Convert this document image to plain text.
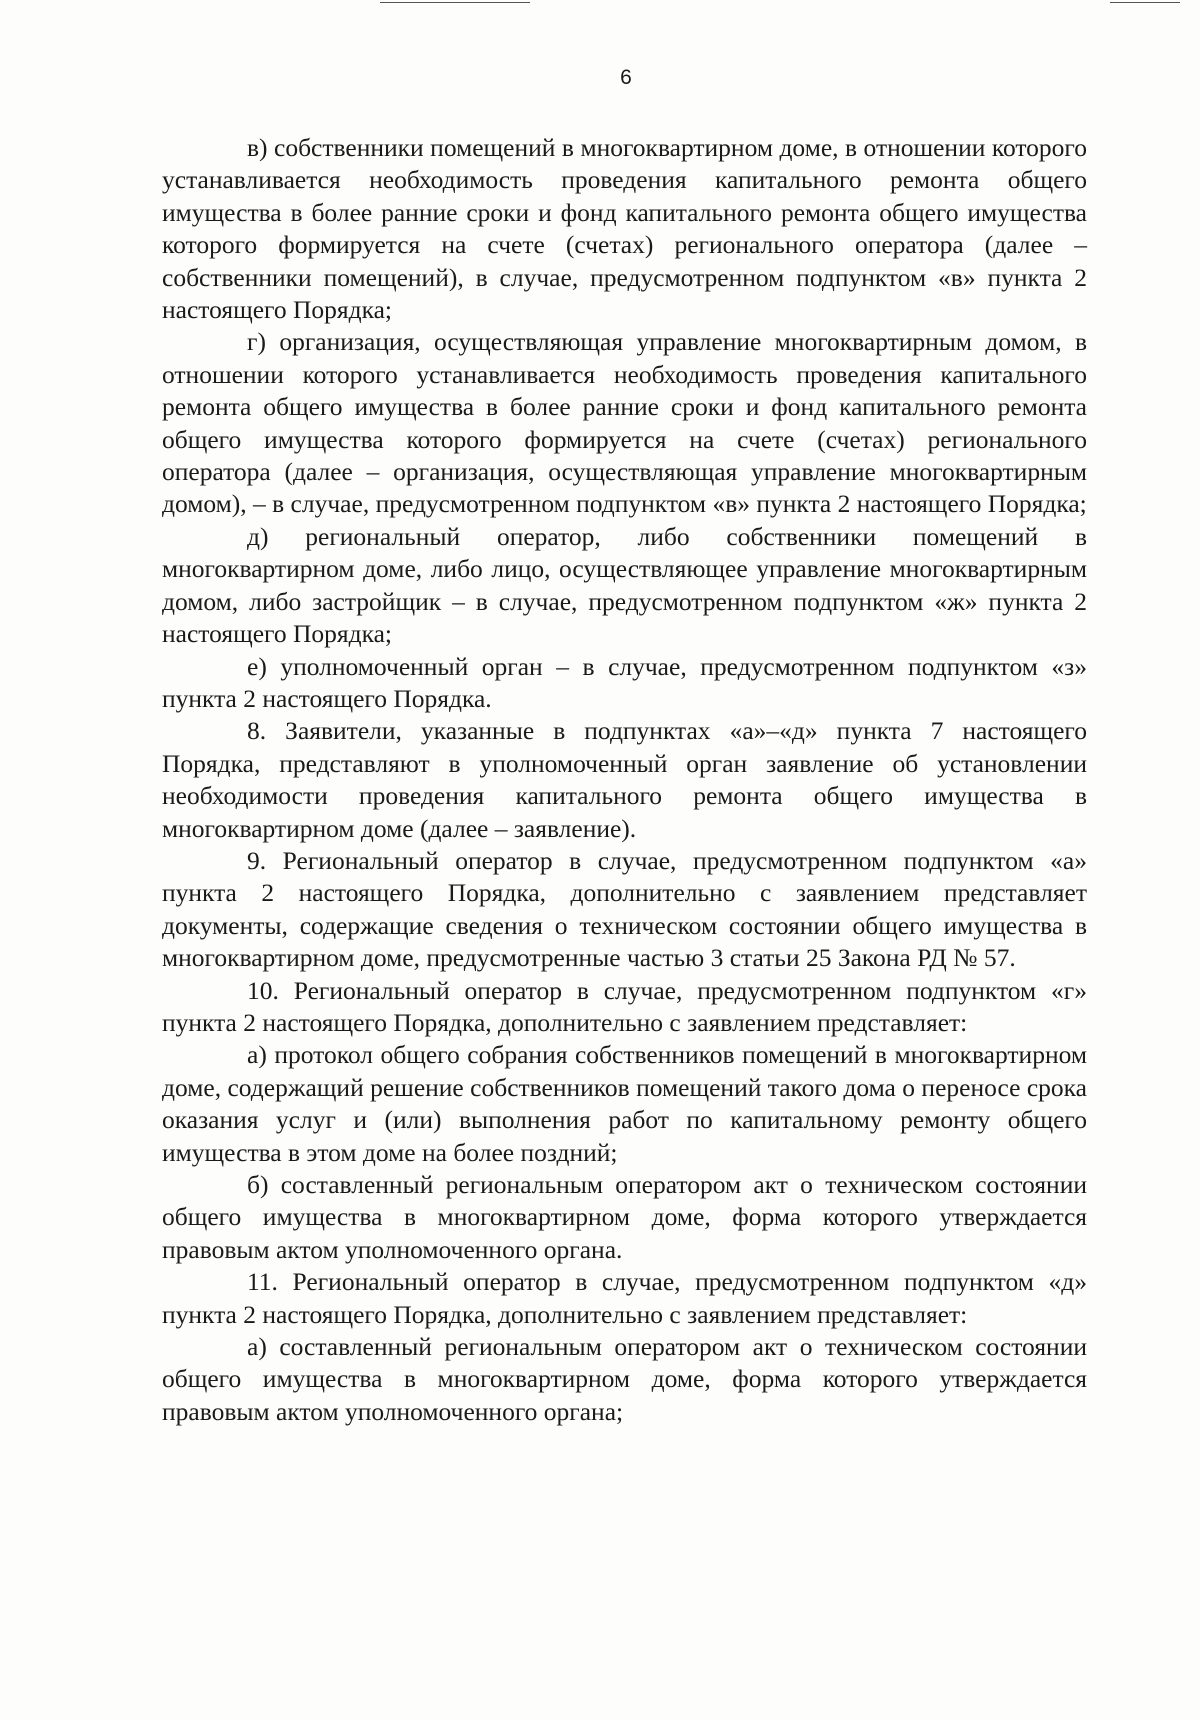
6

в) собственники помещений в многоквартирном доме, в отношении которого устанавливается необходимость проведения капитального ремонта общего имущества в более ранние сроки и фонд капитального ремонта общего имущества которого формируется на счете (счетах) регионального оператора (далее – собственники помещений), в случае, предусмотренном подпунктом «в» пункта 2 настоящего Порядка;

г) организация, осуществляющая управление многоквартирным домом, в отношении которого устанавливается необходимость проведения капитального ремонта общего имущества в более ранние сроки и фонд капитального ремонта общего имущества которого формируется на счете (счетах) регионального оператора (далее – организация, осуществляющая управление многоквартирным домом), – в случае, предусмотренном подпунктом «в» пункта 2 настоящего Порядка;

д) региональный оператор, либо собственники помещений в многоквартирном доме, либо лицо, осуществляющее управление многоквартирным домом, либо застройщик – в случае, предусмотренном подпунктом «ж» пункта 2 настоящего Порядка;

е) уполномоченный орган – в случае, предусмотренном подпунктом «з» пункта 2 настоящего Порядка.

8. Заявители, указанные в подпунктах «а»–«д» пункта 7 настоящего Порядка, представляют в уполномоченный орган заявление об установлении необходимости проведения капитального ремонта общего имущества в многоквартирном доме (далее – заявление).

9. Региональный оператор в случае, предусмотренном подпунктом «а» пункта 2 настоящего Порядка, дополнительно с заявлением представляет документы, содержащие сведения о техническом состоянии общего имущества в многоквартирном доме, предусмотренные частью 3 статьи 25 Закона РД № 57.

10. Региональный оператор в случае, предусмотренном подпунктом «г» пункта 2 настоящего Порядка, дополнительно с заявлением представляет:

а) протокол общего собрания собственников помещений в многоквартирном доме, содержащий решение собственников помещений такого дома о переносе срока оказания услуг и (или) выполнения работ по капитальному ремонту общего имущества в этом доме на более поздний;

б) составленный региональным оператором акт о техническом состоянии общего имущества в многоквартирном доме, форма которого утверждается правовым актом уполномоченного органа.

11. Региональный оператор в случае, предусмотренном подпунктом «д» пункта 2 настоящего Порядка, дополнительно с заявлением представляет:

а) составленный региональным оператором акт о техническом состоянии общего имущества в многоквартирном доме, форма которого утверждается правовым актом уполномоченного органа;
